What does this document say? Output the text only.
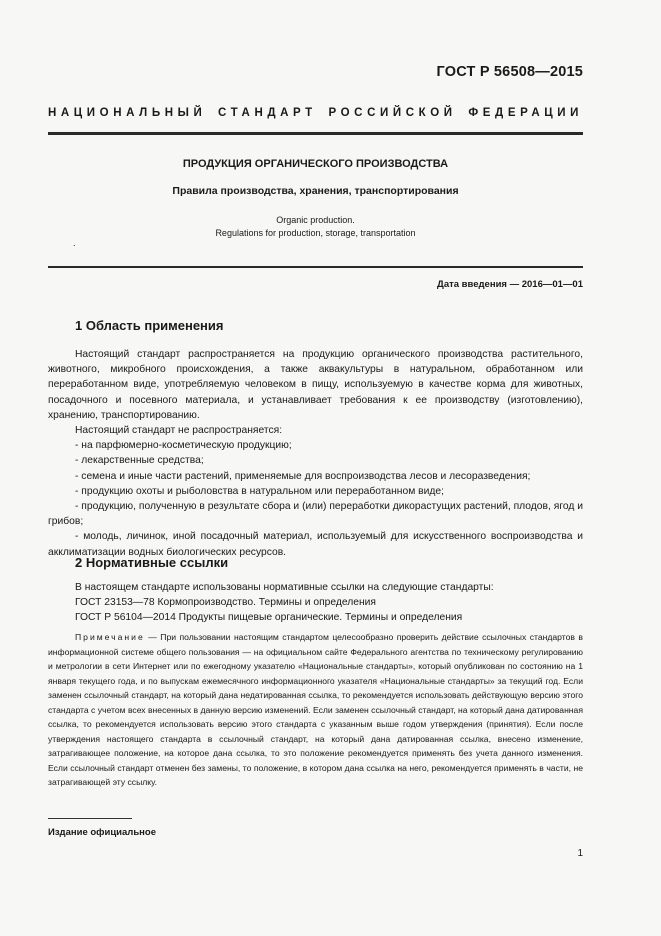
ГОСТ Р 56508—2015
НАЦИОНАЛЬНЫЙ СТАНДАРТ РОССИЙСКОЙ ФЕДЕРАЦИИ
ПРОДУКЦИЯ ОРГАНИЧЕСКОГО ПРОИЗВОДСТВА
Правила производства, хранения, транспортирования
Organic production.
Regulations for production, storage, transportation
.
Дата введения — 2016—01—01
1 Область применения

Настоящий стандарт распространяется на продукцию органического производства растительного, животного, микробного происхождения, а также аквакультуры в натуральном, обработанном или переработанном виде, употребляемую человеком в пищу, используемую в качестве корма для животных, посадочного и посевного материала, и устанавливает требования к ее производству (изготовлению), хранению, транспортированию.

Настоящий стандарт не распространяется:

- на парфюмерно-косметическую продукцию;

- лекарственные средства;

- семена и иные части растений, применяемые для воспроизводства лесов и лесоразведения;

- продукцию охоты и рыболовства в натуральном или переработанном виде;

- продукцию, полученную в результате сбора и (или) переработки дикорастущих растений, плодов, ягод и грибов;

- молодь, личинок, иной посадочный материал, используемый для искусственного воспроизводства и акклиматизации водных биологических ресурсов.

2 Нормативные ссылки

В настоящем стандарте использованы нормативные ссылки на следующие стандарты:

ГОСТ 23153—78 Кормопроизводство. Термины и определения

ГОСТ Р 56104—2014 Продукты пищевые органические. Термины и определения

Примечание — При пользовании настоящим стандартом целесообразно проверить действие ссылочных стандартов в информационной системе общего пользования — на официальном сайте Федерального агентства по техническому регулированию и метрологии в сети Интернет или по ежегодному указателю «Национальные стандарты», который опубликован по состоянию на 1 января текущего года, и по выпускам ежемесячного информационного указателя «Национальные стандарты» за текущий год. Если заменен ссылочный стандарт, на который дана недатированная ссылка, то рекомендуется использовать действующую версию этого стандарта с учетом всех внесенных в данную версию изменений. Если заменен ссылочный стандарт, на который дана датированная ссылка, то рекомендуется использовать версию этого стандарта с указанным выше годом утверждения (принятия). Если после утверждения настоящего стандарта в ссылочный стандарт, на который дана датированная ссылка, внесено изменение, затрагивающее положение, на которое дана ссылка, то это положение рекомендуется применять без учета данного изменения. Если ссылочный стандарт отменен без замены, то положение, в котором дана ссылка на него, рекомендуется применять в части, не затрагивающей эту ссылку.
Издание официальное
1
